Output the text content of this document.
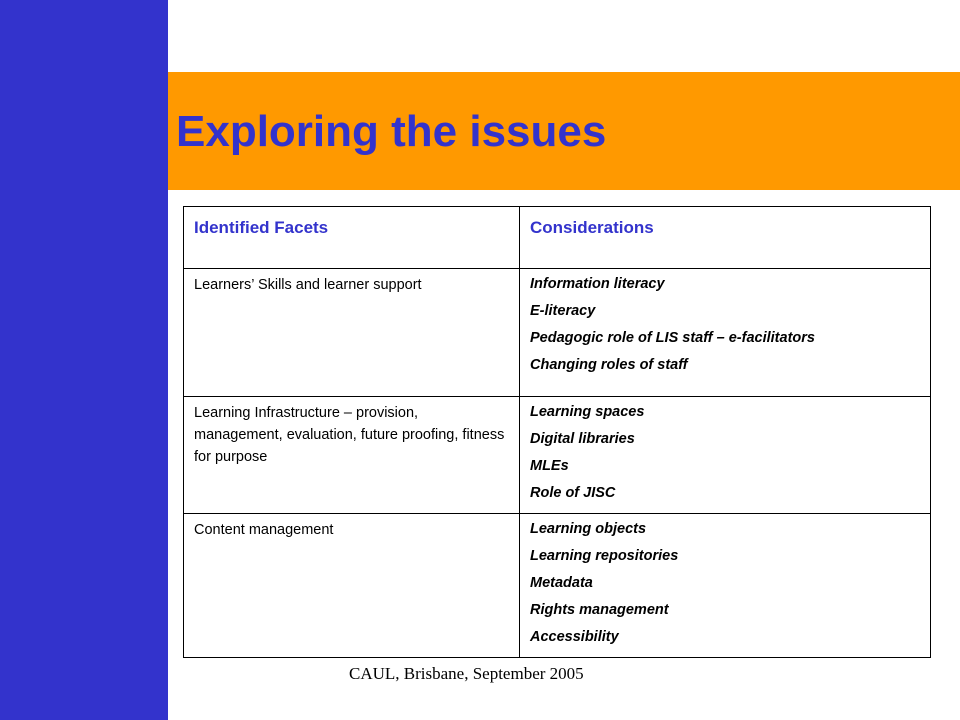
Exploring the issues
Identified Facets	Considerations
Learners’ Skills and learner support	Information literacy
E-literacy
Pedagogic role of LIS staff – e-facilitators
Changing roles of staff

Learning Infrastructure – provision, management, evaluation, future proofing, fitness for purpose	Learning spaces
Digital libraries
MLEs
Role of JISC

Content management	Learning objects
Learning repositories
Metadata
Rights management
Accessibility
CAUL, Brisbane, September 2005
